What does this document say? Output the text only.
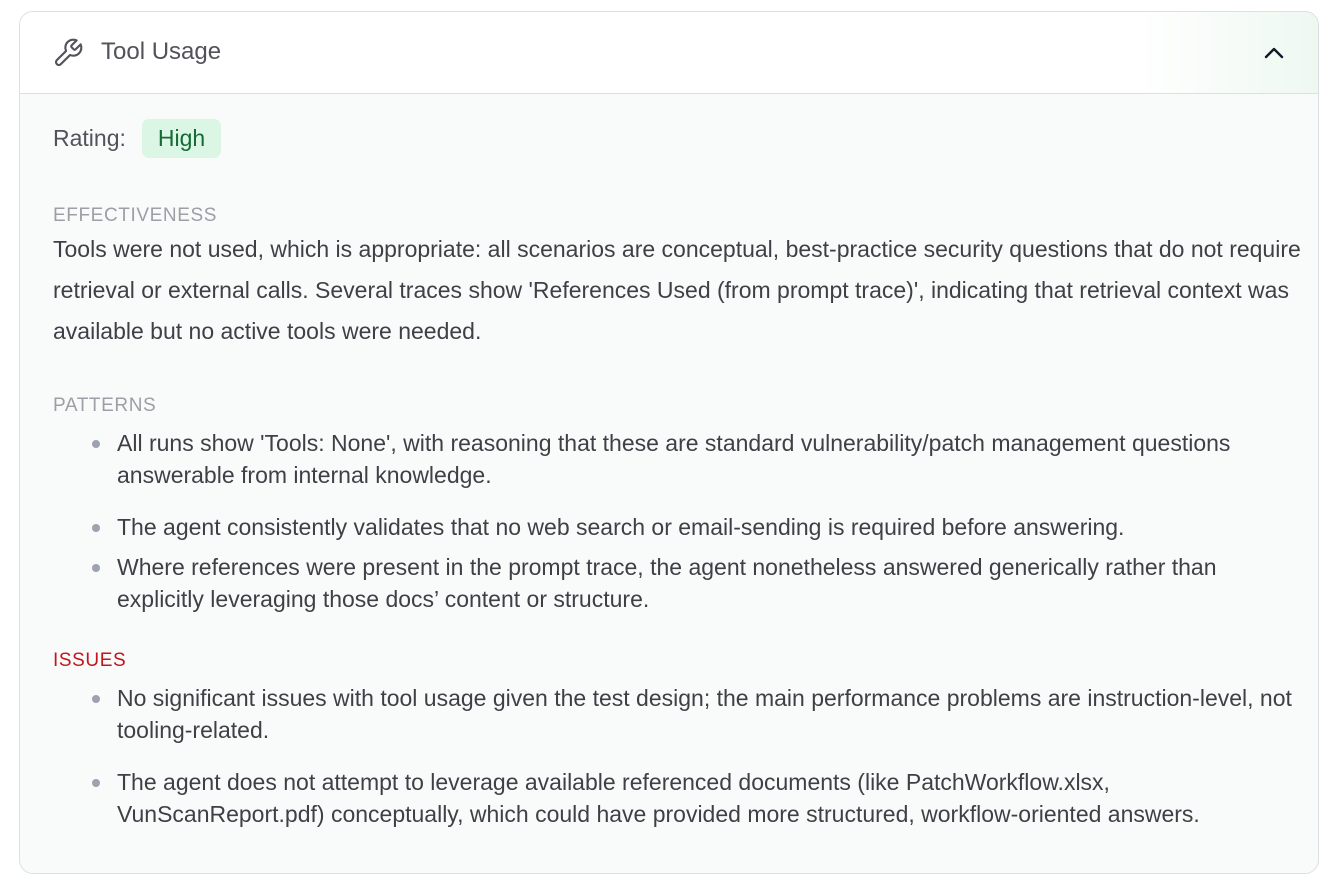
Tool Usage
Rating:	High
EFFECTIVENESS
Tools were not used, which is appropriate: all scenarios are conceptual, best-practice security questions that do not require retrieval or external calls. Several traces show 'References Used (from prompt trace)', indicating that retrieval context was available but no active tools were needed.
PATTERNS
All runs show 'Tools: None', with reasoning that these are standard vulnerability/patch management questions answerable from internal knowledge.
The agent consistently validates that no web search or email-sending is required before answering.
Where references were present in the prompt trace, the agent nonetheless answered generically rather than explicitly leveraging those docs’ content or structure.
ISSUES
No significant issues with tool usage given the test design; the main performance problems are instruction-level, not tooling-related.
The agent does not attempt to leverage available referenced documents (like PatchWorkflow.xlsx, VunScanReport.pdf) conceptually, which could have provided more structured, workflow-oriented answers.
